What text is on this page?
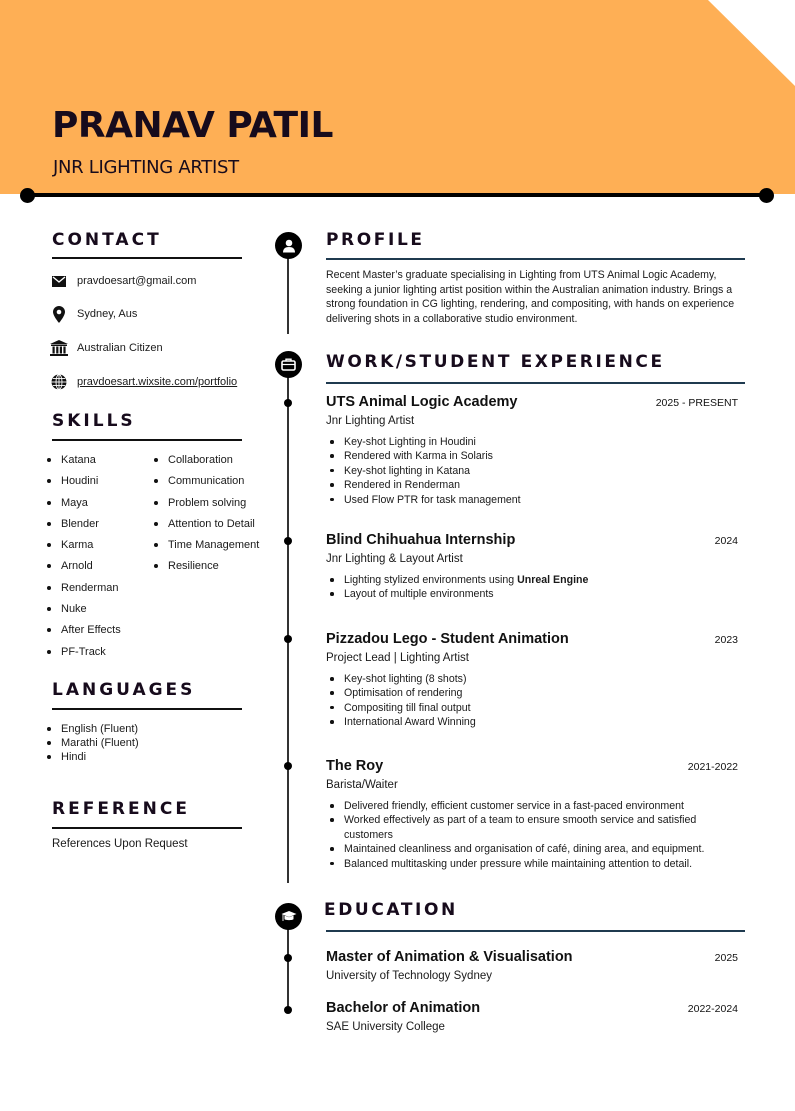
PRANAV PATIL
JNR LIGHTING ARTIST
CONTACT
pravdoesart@gmail.com
Sydney, Aus
Australian Citizen
pravdoesart.wixsite.com/portfolio
SKILLS
Katana
Houdini
Maya
Blender
Karma
Arnold
Renderman
Nuke
After Effects
PF-Track
Collaboration
Communication
Problem solving
Attention to Detail
Time Management
Resilience
LANGUAGES
English (Fluent)
Marathi (Fluent)
Hindi
REFERENCE
References Upon Request
PROFILE
Recent Master’s graduate specialising in Lighting from UTS Animal Logic Academy, seeking a junior lighting artist position within the Australian animation industry. Brings a strong foundation in CG lighting, rendering, and compositing, with hands on experience delivering shots in a collaborative studio environment.
WORK/STUDENT EXPERIENCE
UTS Animal Logic Academy	2025 - PRESENT
Jnr Lighting Artist
Key-shot Lighting in Houdini
Rendered with Karma in Solaris
Key-shot lighting in Katana
Rendered in Renderman
Used Flow PTR for task management
Blind Chihuahua Internship	2024
Jnr Lighting & Layout Artist
Lighting stylized environments using Unreal Engine
Layout of multiple environments
Pizzadou Lego - Student Animation	2023
Project Lead | Lighting Artist
Key-shot lighting (8 shots)
Optimisation of rendering
Compositing till final output
International Award Winning
The Roy	2021-2022
Barista/Waiter
Delivered friendly, efficient customer service in a fast-paced environment
Worked effectively as part of a team to ensure smooth service and satisfied customers
Maintained cleanliness and organisation of café, dining area, and equipment.
Balanced multitasking under pressure while maintaining attention to detail.
EDUCATION
Master of Animation & Visualisation	2025
University of Technology Sydney
Bachelor of Animation	2022-2024
SAE University College
